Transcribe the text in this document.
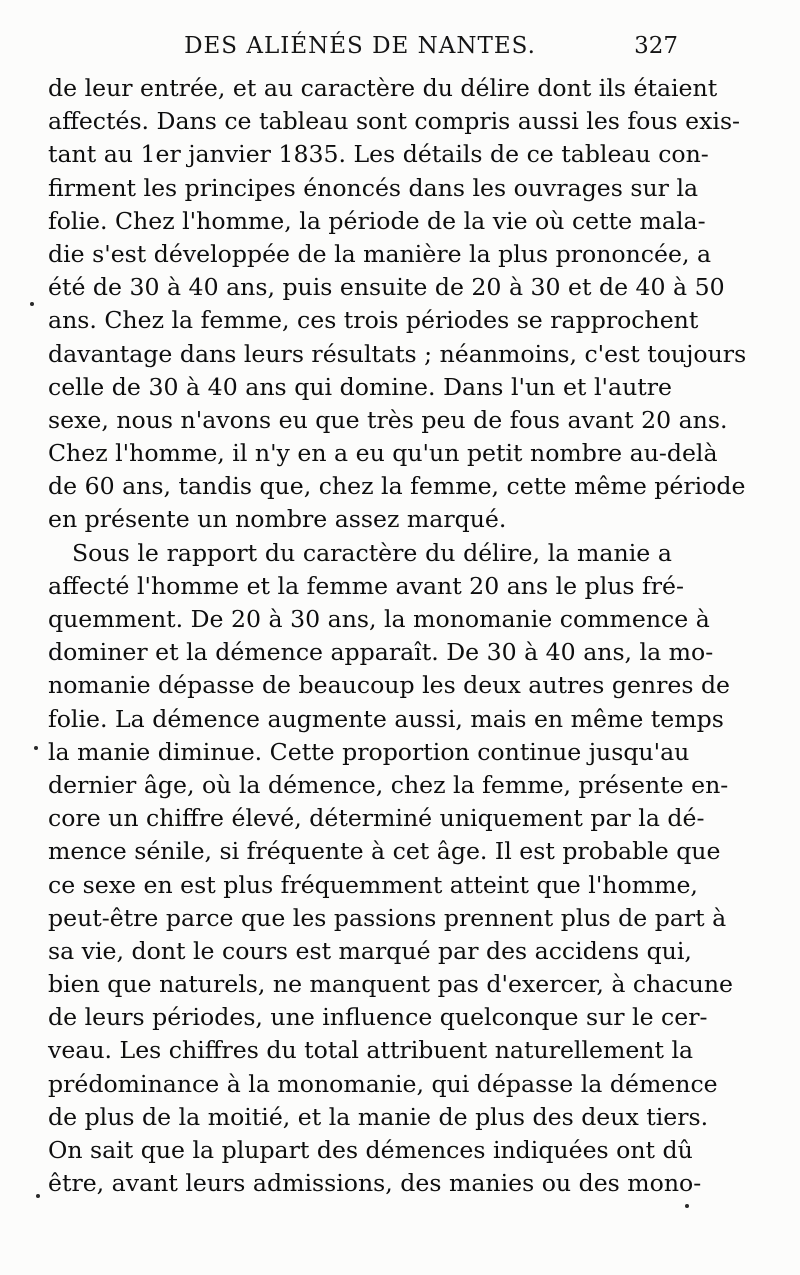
DES ALIÉNÉS DE NANTES.	327
de leur entrée, et au caractère du délire dont ils étaient
affectés. Dans ce tableau sont compris aussi les fous exis-
tant au 1er janvier 1835. Les détails de ce tableau con-
firment les principes énoncés dans les ouvrages sur la
folie. Chez l'homme, la période de la vie où cette mala-
die s'est développée de la manière la plus prononcée, a
été de 30 à 40 ans, puis ensuite de 20 à 30 et de 40 à 50
ans. Chez la femme, ces trois périodes se rapprochent
davantage dans leurs résultats ; néanmoins, c'est toujours
celle de 30 à 40 ans qui domine. Dans l'un et l'autre
sexe, nous n'avons eu que très peu de fous avant 20 ans.
Chez l'homme, il n'y en a eu qu'un petit nombre au-delà
de 60 ans, tandis que, chez la femme, cette même période
en présente un nombre assez marqué.
Sous le rapport du caractère du délire, la manie a
affecté l'homme et la femme avant 20 ans le plus fré-
quemment. De 20 à 30 ans, la monomanie commence à
dominer et la démence apparaît. De 30 à 40 ans, la mo-
nomanie dépasse de beaucoup les deux autres genres de
folie. La démence augmente aussi, mais en même temps
la manie diminue. Cette proportion continue jusqu'au
dernier âge, où la démence, chez la femme, présente en-
core un chiffre élevé, déterminé uniquement par la dé-
mence sénile, si fréquente à cet âge. Il est probable que
ce sexe en est plus fréquemment atteint que l'homme,
peut-être parce que les passions prennent plus de part à
sa vie, dont le cours est marqué par des accidens qui,
bien que naturels, ne manquent pas d'exercer, à chacune
de leurs périodes, une influence quelconque sur le cer-
veau. Les chiffres du total attribuent naturellement la
prédominance à la monomanie, qui dépasse la démence
de plus de la moitié, et la manie de plus des deux tiers.
On sait que la plupart des démences indiquées ont dû
être, avant leurs admissions, des manies ou des mono-
